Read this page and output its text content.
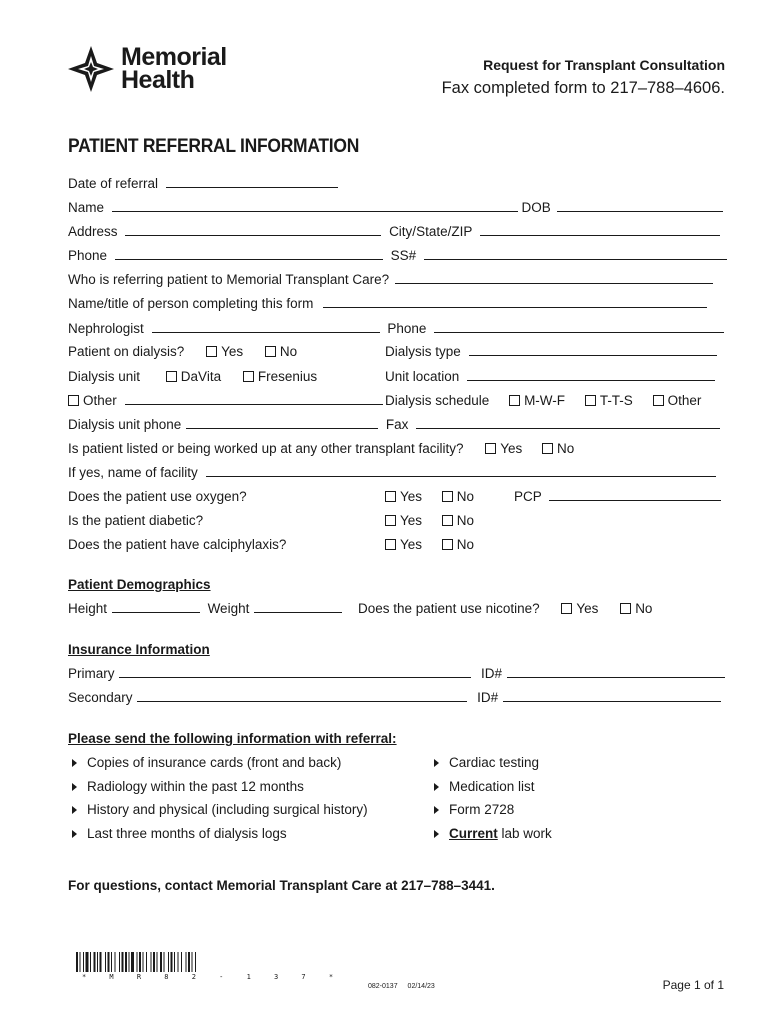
Memorial
Health
Request for Transplant Consultation
Fax completed form to 217–788–4606.
PATIENT REFERRAL INFORMATION
Date of referral
Name	DOB
Address	City/State/ZIP
Phone	SS#
Who is referring patient to Memorial Transplant Care?
Name/title of person completing this form
Nephrologist	Phone
Patient on dialysis?	Yes	No	Dialysis type
Dialysis unit	DaVita	Fresenius	Unit location
Other	Dialysis schedule	M-W-F	T-T-S	Other
Dialysis unit phone	Fax
Is patient listed or being worked up at any other transplant facility?	Yes	No
If yes, name of facility
Does the patient use oxygen?	Yes	No	PCP
Is the patient diabetic?	Yes	No
Does the patient have calciphylaxis?	Yes	No
Patient Demographics
Height	Weight	Does the patient use nicotine?	Yes	No
Insurance Information
Primary	ID#
Secondary	ID#
Please send the following information with referral:
Copies of insurance cards (front and back)
Radiology within the past 12 months
History and physical (including surgical history)
Last three months of dialysis logs
Cardiac testing
Medication list
Form 2728
Current lab work
For questions, contact Memorial Transplant Care at 217–788–3441.
* M R 8 2 - 1 3 7 *
082-0137 02/14/23	Page 1 of 1
